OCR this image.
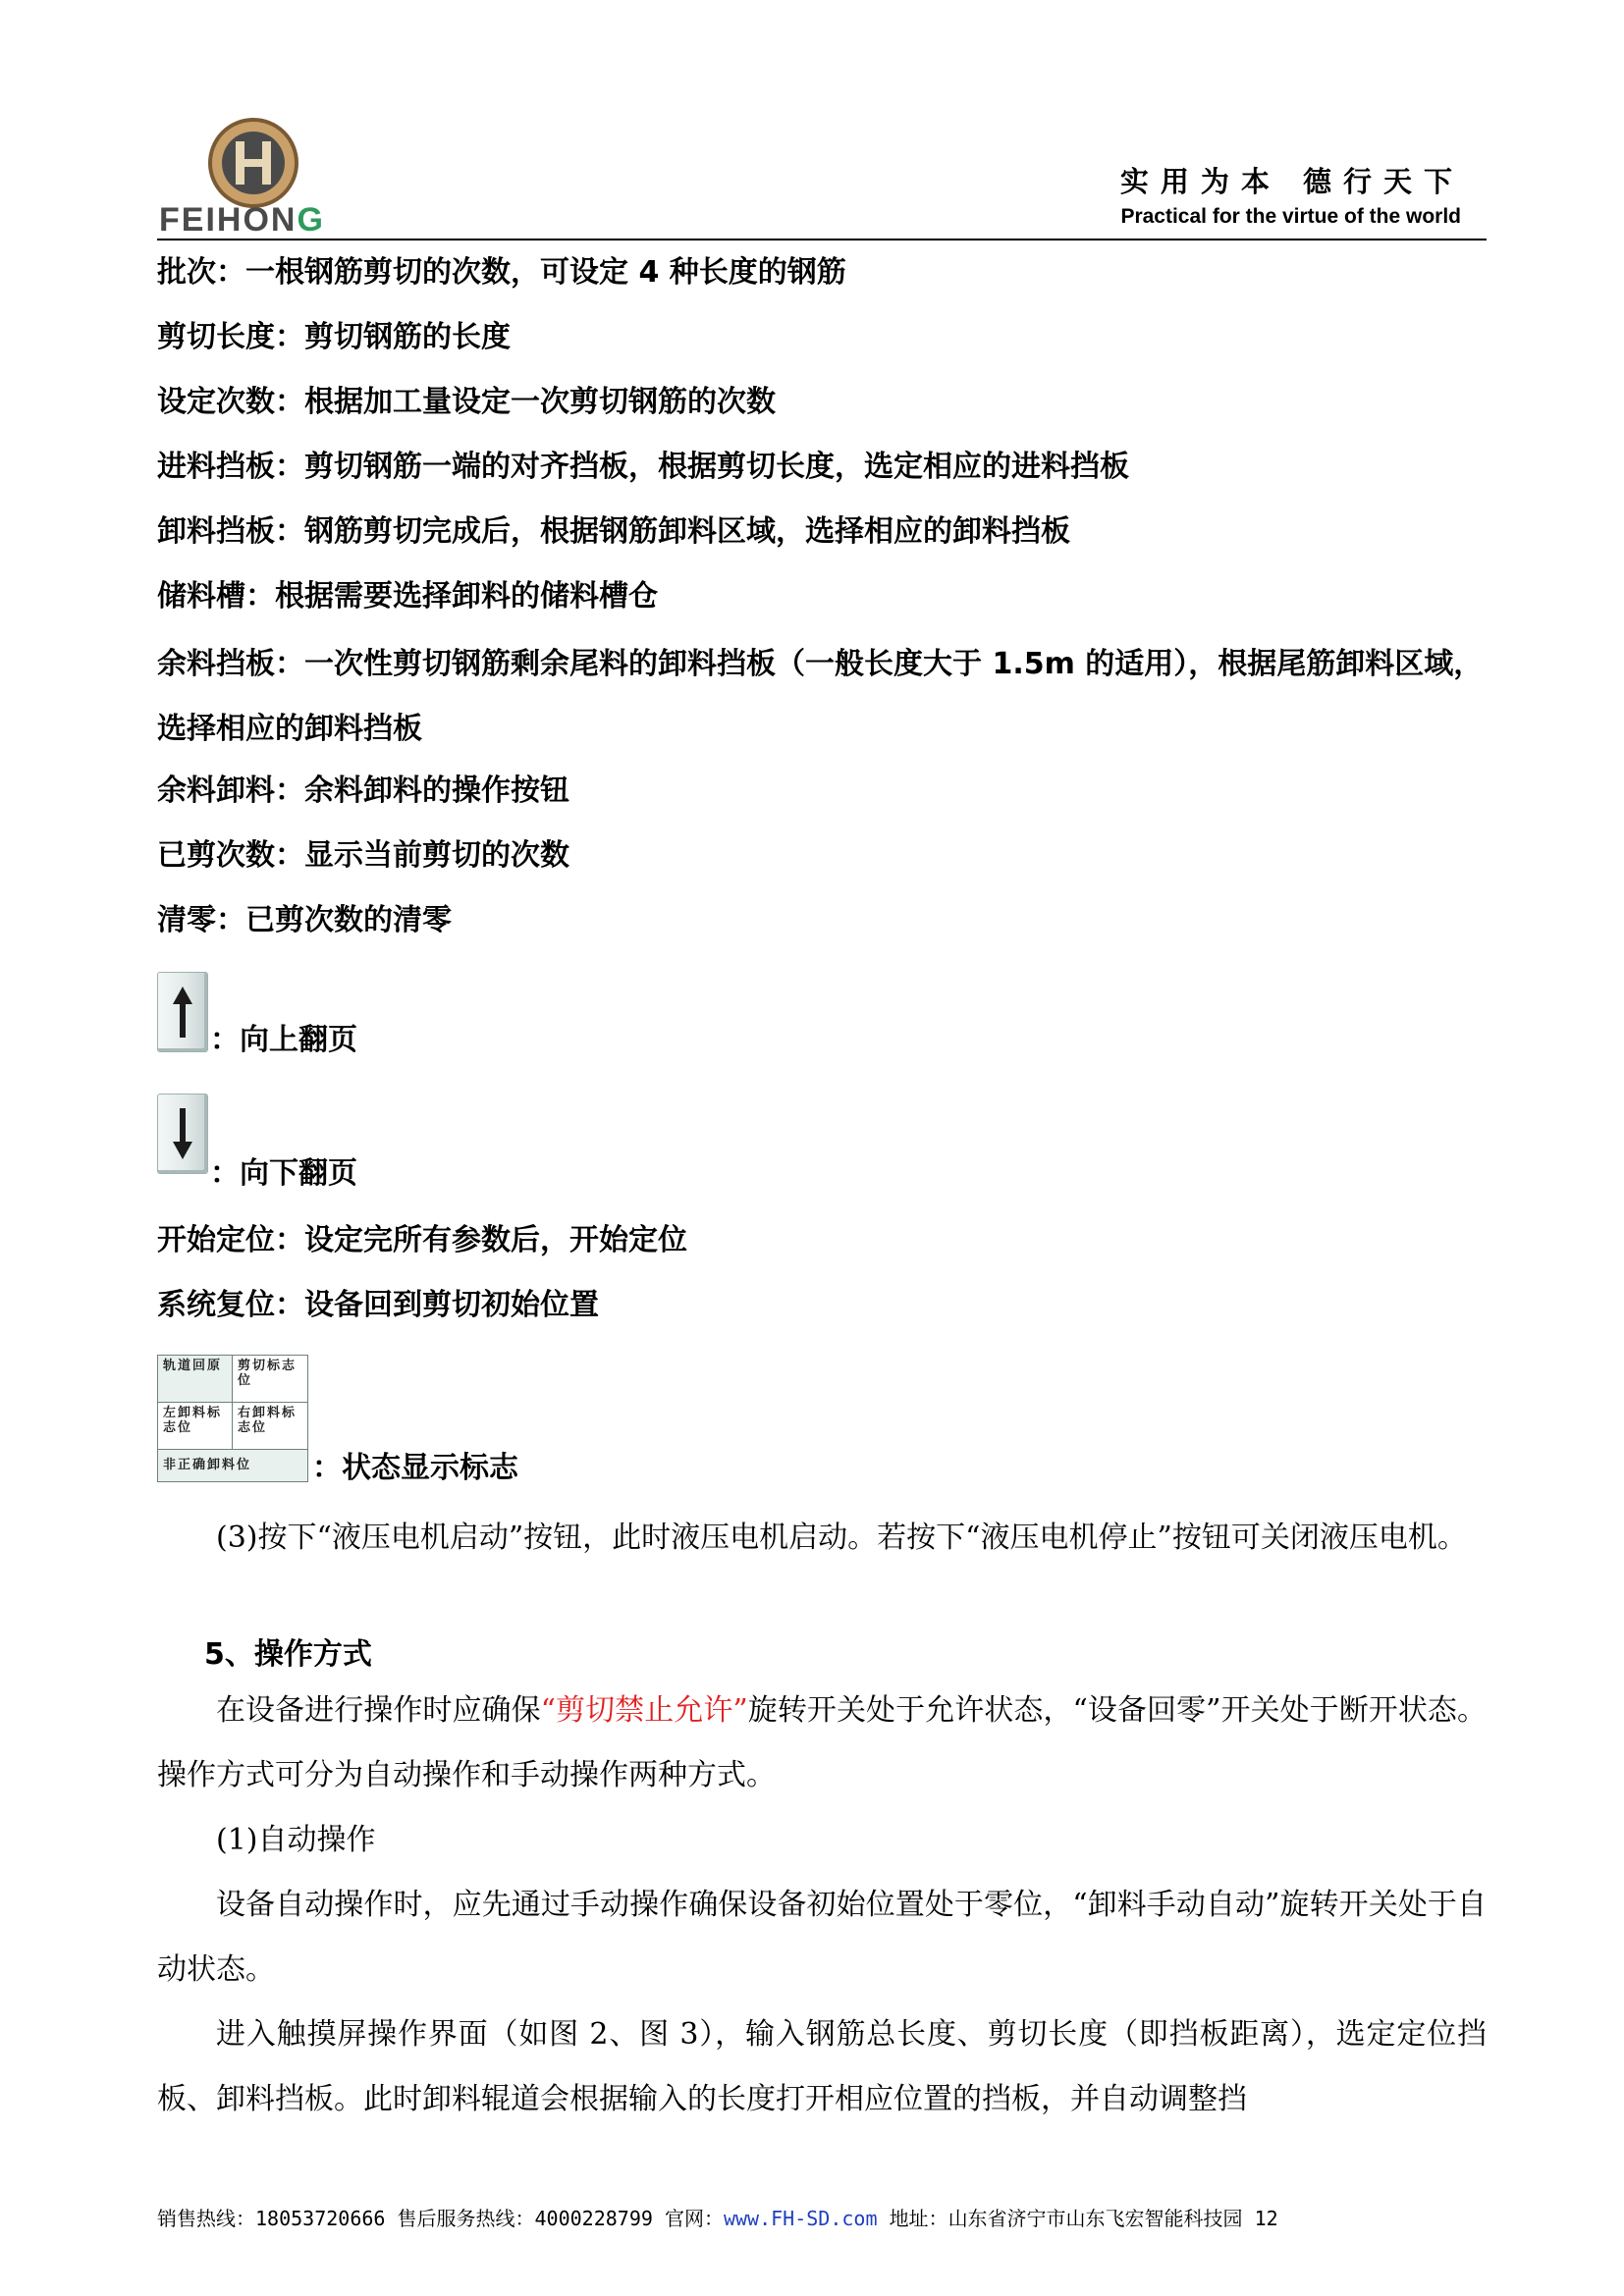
FEIHONG
实用为本 德行天下
Practical for the virtue of the world
批次：一根钢筋剪切的次数，可设定 4 种长度的钢筋
剪切长度：剪切钢筋的长度
设定次数：根据加工量设定一次剪切钢筋的次数
进料挡板：剪切钢筋一端的对齐挡板，根据剪切长度，选定相应的进料挡板
卸料挡板：钢筋剪切完成后，根据钢筋卸料区域，选择相应的卸料挡板
储料槽：根据需要选择卸料的储料槽仓
余料挡板：一次性剪切钢筋剩余尾料的卸料挡板（一般长度大于 1.5m 的适用），根据尾筋卸料区域，选择相应的卸料挡板
余料卸料：余料卸料的操作按钮
已剪次数：显示当前剪切的次数
清零：已剪次数的清零
：向上翻页
：向下翻页
开始定位：设定完所有参数后，开始定位
系统复位：设备回到剪切初始位置
轨道回原	剪切标志位
左卸料标志位
右卸料标志位
非正确卸料位	：状态显示标志
(3)按下“液压电机启动”按钮，此时液压电机启动。若按下“液压电机停止”按钮可关闭液压电机。
5、操作方式
在设备进行操作时应确保“剪切禁止允许”旋转开关处于允许状态，“设备回零”开关处于断开状态。操作方式可分为自动操作和手动操作两种方式。
(1)自动操作
设备自动操作时，应先通过手动操作确保设备初始位置处于零位，“卸料手动自动”旋转开关处于自动状态。
进入触摸屏操作界面（如图 2、图 3），输入钢筋总长度、剪切长度（即挡板距离），选定定位挡板、卸料挡板。此时卸料辊道会根据输入的长度打开相应位置的挡板，并自动调整挡
销售热线：18053720666 售后服务热线：4000228799 官网：www.FH-SD.com 地址：山东省济宁市山东飞宏智能科技园 12
